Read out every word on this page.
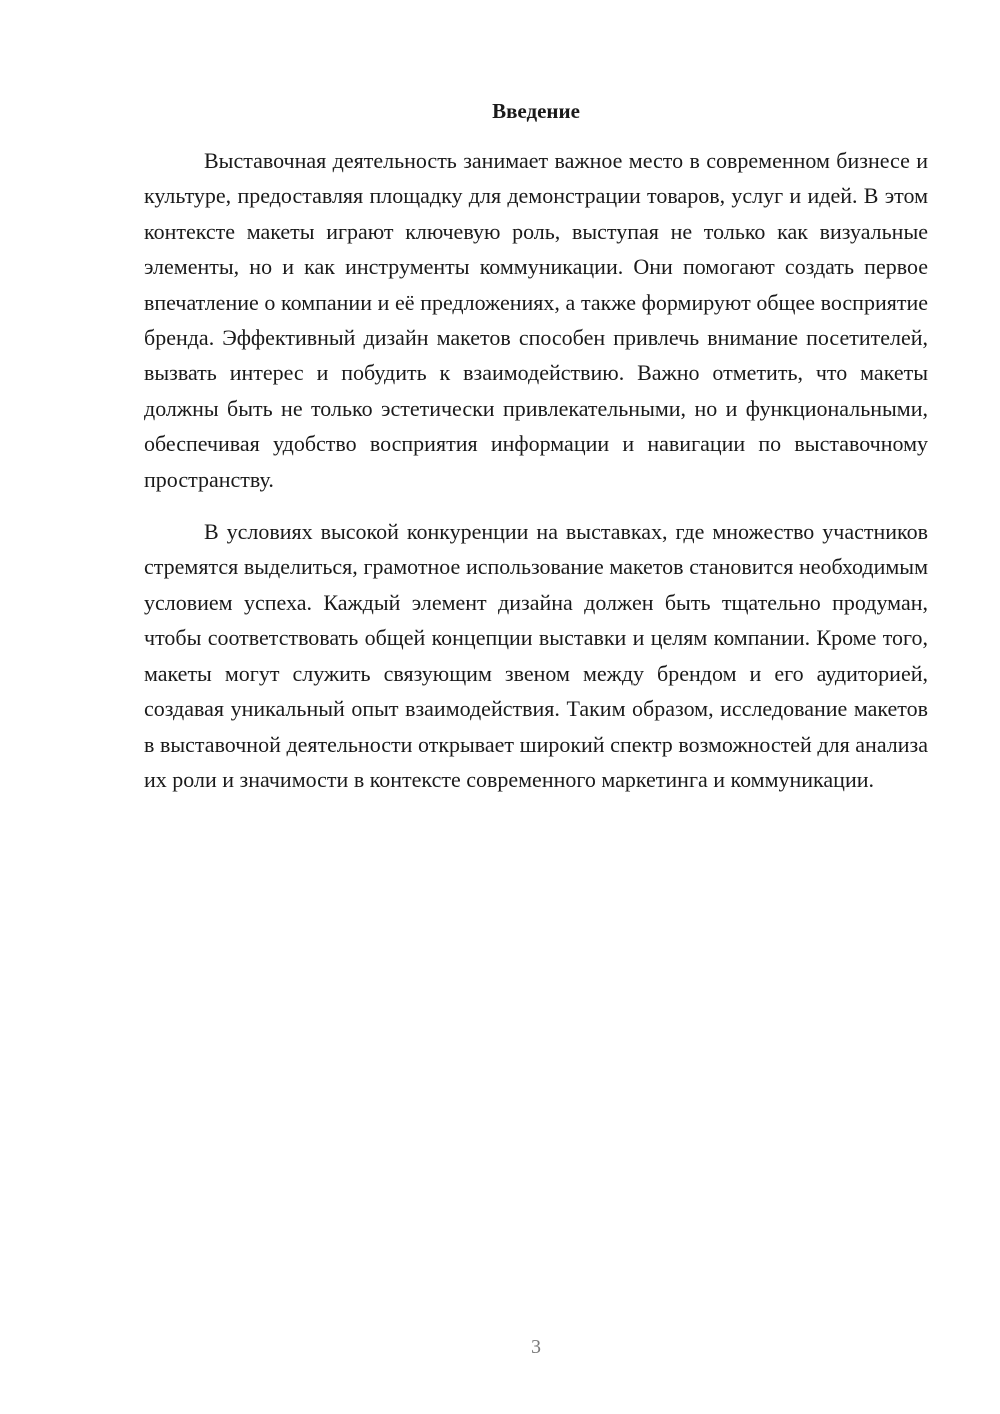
Введение

Выставочная деятельность занимает важное место в современном бизнесе и культуре, предоставляя площадку для демонстрации товаров, услуг и идей. В этом контексте макеты играют ключевую роль, выступая не только как визуальные элементы, но и как инструменты коммуникации. Они помогают создать первое впечатление о компании и её предложениях, а также формируют общее восприятие бренда. Эффективный дизайн макетов способен привлечь внимание посетителей, вызвать интерес и побудить к взаимодействию. Важно отметить, что макеты должны быть не только эстетически привлекательными, но и функциональными, обеспечивая удобство восприятия информации и навигации по выставочному пространству.

В условиях высокой конкуренции на выставках, где множество участников стремятся выделиться, грамотное использование макетов становится необходимым условием успеха. Каждый элемент дизайна должен быть тщательно продуман, чтобы соответствовать общей концепции выставки и целям компании. Кроме того, макеты могут служить связующим звеном между брендом и его аудиторией, создавая уникальный опыт взаимодействия. Таким образом, исследование макетов в выставочной деятельности открывает широкий спектр возможностей для анализа их роли и значимости в контексте современного маркетинга и коммуникации.

3
